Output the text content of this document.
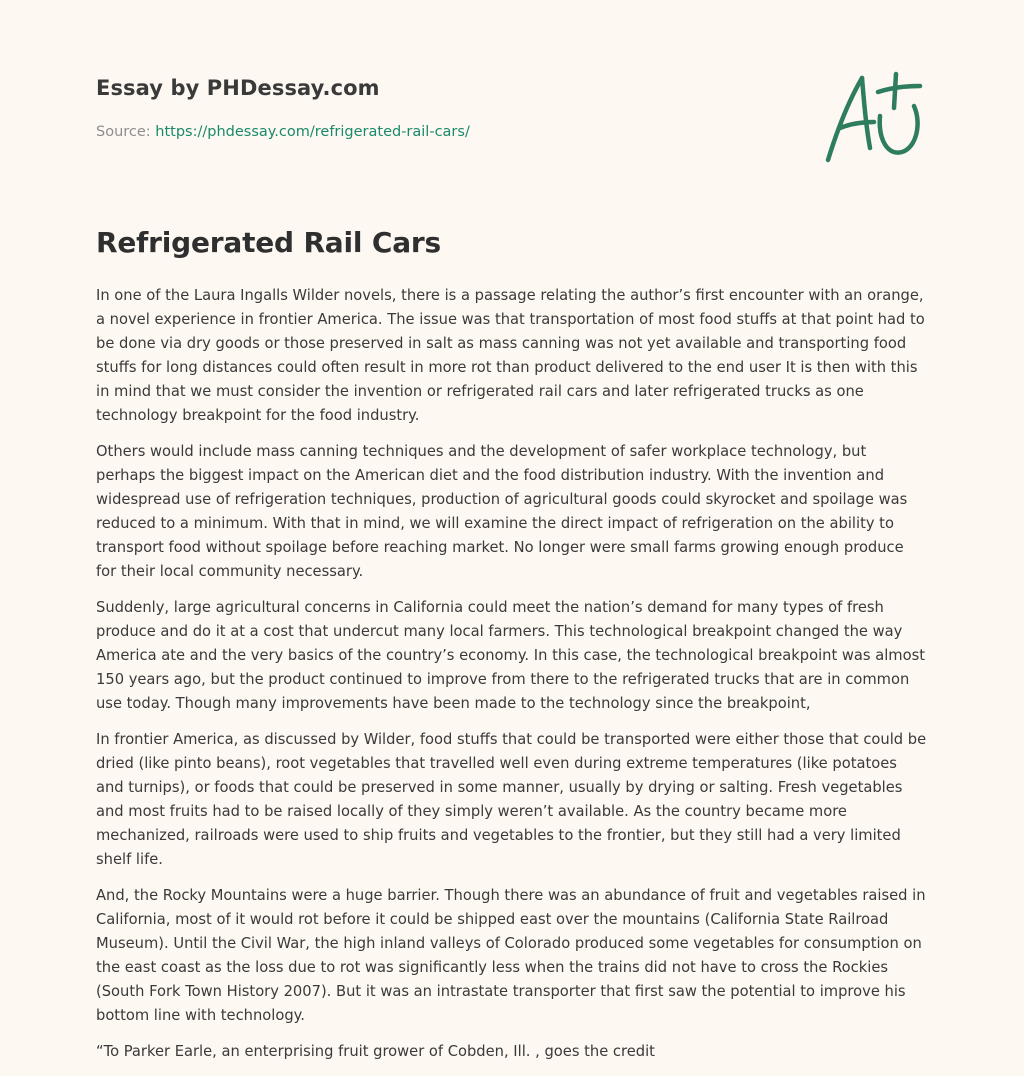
Essay by PHDessay.com
Source: https://phdessay.com/refrigerated-rail-cars/
Refrigerated Rail Cars

In one of the Laura Ingalls Wilder novels, there is a passage relating the author’s first encounter with an orange, a novel experience in frontier America. The issue was that transportation of most food stuffs at that point had to be done via dry goods or those preserved in salt as mass canning was not yet available and transporting food stuffs for long distances could often result in more rot than product delivered to the end user It is then with this in mind that we must consider the invention or refrigerated rail cars and later refrigerated trucks as one technology breakpoint for the food industry.

Others would include mass canning techniques and the development of safer workplace technology, but perhaps the biggest impact on the American diet and the food distribution industry. With the invention and widespread use of refrigeration techniques, production of agricultural goods could skyrocket and spoilage was reduced to a minimum. With that in mind, we will examine the direct impact of refrigeration on the ability to transport food without spoilage before reaching market. No longer were small farms growing enough produce for their local community necessary.

Suddenly, large agricultural concerns in California could meet the nation’s demand for many types of fresh produce and do it at a cost that undercut many local farmers. This technological breakpoint changed the way America ate and the very basics of the country’s economy. In this case, the technological breakpoint was almost 150 years ago, but the product continued to improve from there to the refrigerated trucks that are in common use today. Though many improvements have been made to the technology since the breakpoint,

In frontier America, as discussed by Wilder, food stuffs that could be transported were either those that could be dried (like pinto beans), root vegetables that travelled well even during extreme temperatures (like potatoes and turnips), or foods that could be preserved in some manner, usually by drying or salting. Fresh vegetables and most fruits had to be raised locally of they simply weren’t available. As the country became more mechanized, railroads were used to ship fruits and vegetables to the frontier, but they still had a very limited shelf life.

And, the Rocky Mountains were a huge barrier. Though there was an abundance of fruit and vegetables raised in California, most of it would rot before it could be shipped east over the mountains (California State Railroad Museum). Until the Civil War, the high inland valleys of Colorado produced some vegetables for consumption on the east coast as the loss due to rot was significantly less when the trains did not have to cross the Rockies (South Fork Town History 2007). But it was an intrastate transporter that first saw the potential to improve his bottom line with technology.

“To Parker Earle, an enterprising fruit grower of Cobden, Ill. , goes the credit
